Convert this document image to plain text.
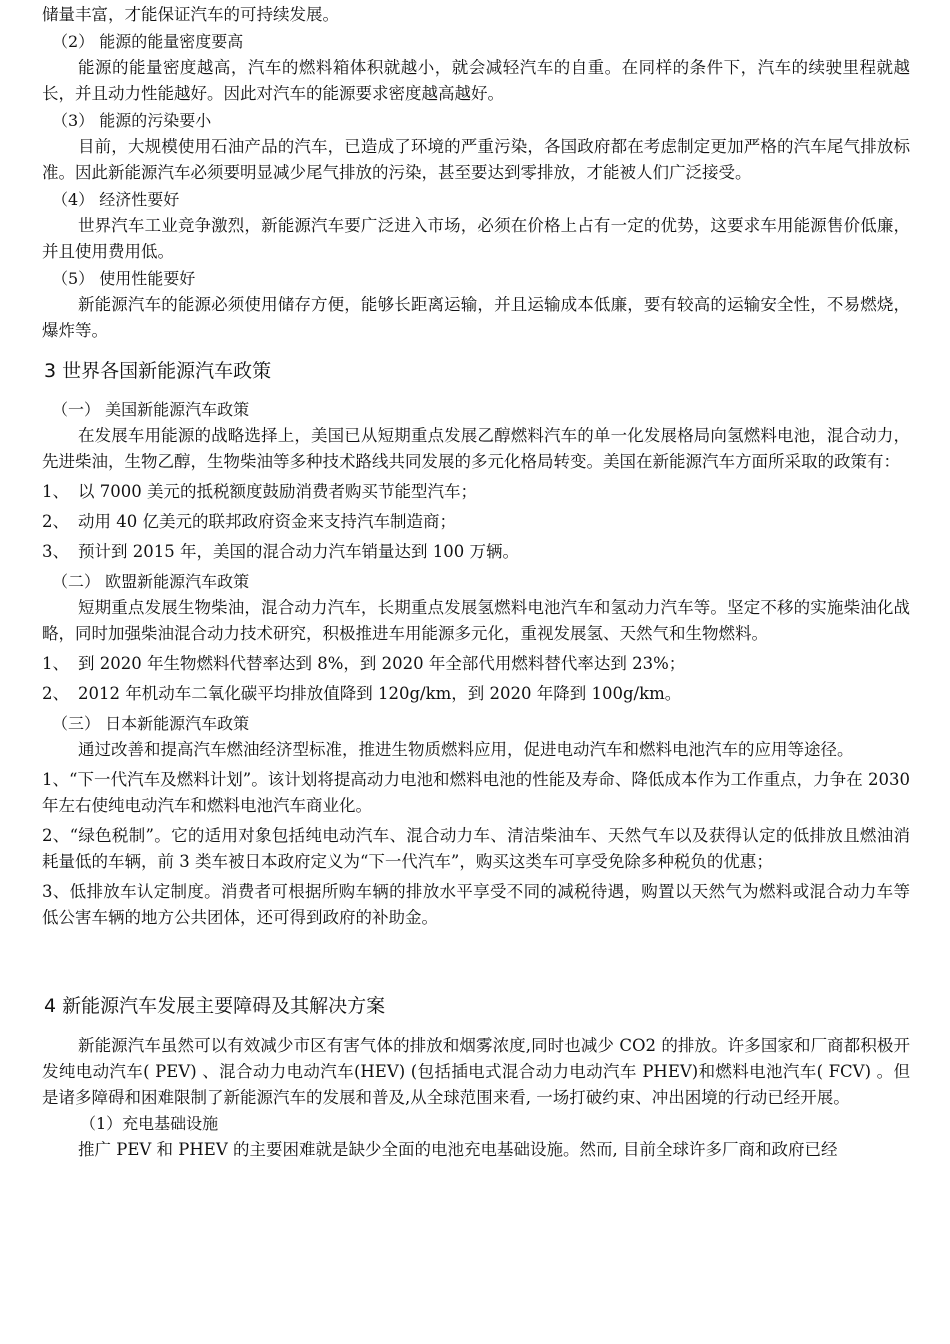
储量丰富，才能保证汽车的可持续发展。
（2） 能源的能量密度要高
能源的能量密度越高，汽车的燃料箱体积就越小，就会减轻汽车的自重。在同样的条件下，汽车的续驶里程就越长，并且动力性能越好。因此对汽车的能源要求密度越高越好。
（3） 能源的污染要小
目前，大规模使用石油产品的汽车，已造成了环境的严重污染，各国政府都在考虑制定更加严格的汽车尾气排放标准。因此新能源汽车必须要明显减少尾气排放的污染，甚至要达到零排放，才能被人们广泛接受。
（4） 经济性要好
世界汽车工业竞争激烈，新能源汽车要广泛进入市场，必须在价格上占有一定的优势，这要求车用能源售价低廉，并且使用费用低。
（5） 使用性能要好
新能源汽车的能源必须使用储存方便，能够长距离运输，并且运输成本低廉，要有较高的运输安全性，不易燃烧，爆炸等。
3 世界各国新能源汽车政策
（一） 美国新能源汽车政策
在发展车用能源的战略选择上，美国已从短期重点发展乙醇燃料汽车的单一化发展格局向氢燃料电池，混合动力，先进柴油，生物乙醇，生物柴油等多种技术路线共同发展的多元化格局转变。美国在新能源汽车方面所采取的政策有：
1、 以 7000 美元的抵税额度鼓励消费者购买节能型汽车；
2、 动用 40 亿美元的联邦政府资金来支持汽车制造商；
3、 预计到 2015 年，美国的混合动力汽车销量达到 100 万辆。
（二） 欧盟新能源汽车政策
短期重点发展生物柴油，混合动力汽车，长期重点发展氢燃料电池汽车和氢动力汽车等。坚定不移的实施柴油化战略，同时加强柴油混合动力技术研究，积极推进车用能源多元化，重视发展氢、天然气和生物燃料。
1、 到 2020 年生物燃料代替率达到 8%，到 2020 年全部代用燃料替代率达到 23%；
2、 2012 年机动车二氧化碳平均排放值降到 120g/km，到 2020 年降到 100g/km。
（三） 日本新能源汽车政策
通过改善和提高汽车燃油经济型标准，推进生物质燃料应用，促进电动汽车和燃料电池汽车的应用等途径。
1、“下一代汽车及燃料计划”。该计划将提高动力电池和燃料电池的性能及寿命、降低成本作为工作重点，力争在 2030 年左右使纯电动汽车和燃料电池汽车商业化。
2、“绿色税制”。它的适用对象包括纯电动汽车、混合动力车、清洁柴油车、天然气车以及获得认定的低排放且燃油消耗量低的车辆，前 3 类车被日本政府定义为“下一代汽车”，购买这类车可享受免除多种税负的优惠；
3、低排放车认定制度。消费者可根据所购车辆的排放水平享受不同的减税待遇，购置以天然气为燃料或混合动力车等低公害车辆的地方公共团体，还可得到政府的补助金。
4 新能源汽车发展主要障碍及其解决方案
新能源汽车虽然可以有效减少市区有害气体的排放和烟雾浓度,同时也减少 CO2 的排放。许多国家和厂商都积极开发纯电动汽车( PEV) 、混合动力电动汽车(HEV) (包括插电式混合动力电动汽车 PHEV)和燃料电池汽车( FCV) 。但是诸多障碍和困难限制了新能源汽车的发展和普及,从全球范围来看, 一场打破约束、冲出困境的行动已经开展。
（1）充电基础设施
推广 PEV 和 PHEV 的主要困难就是缺少全面的电池充电基础设施。然而, 目前全球许多厂商和政府已经
